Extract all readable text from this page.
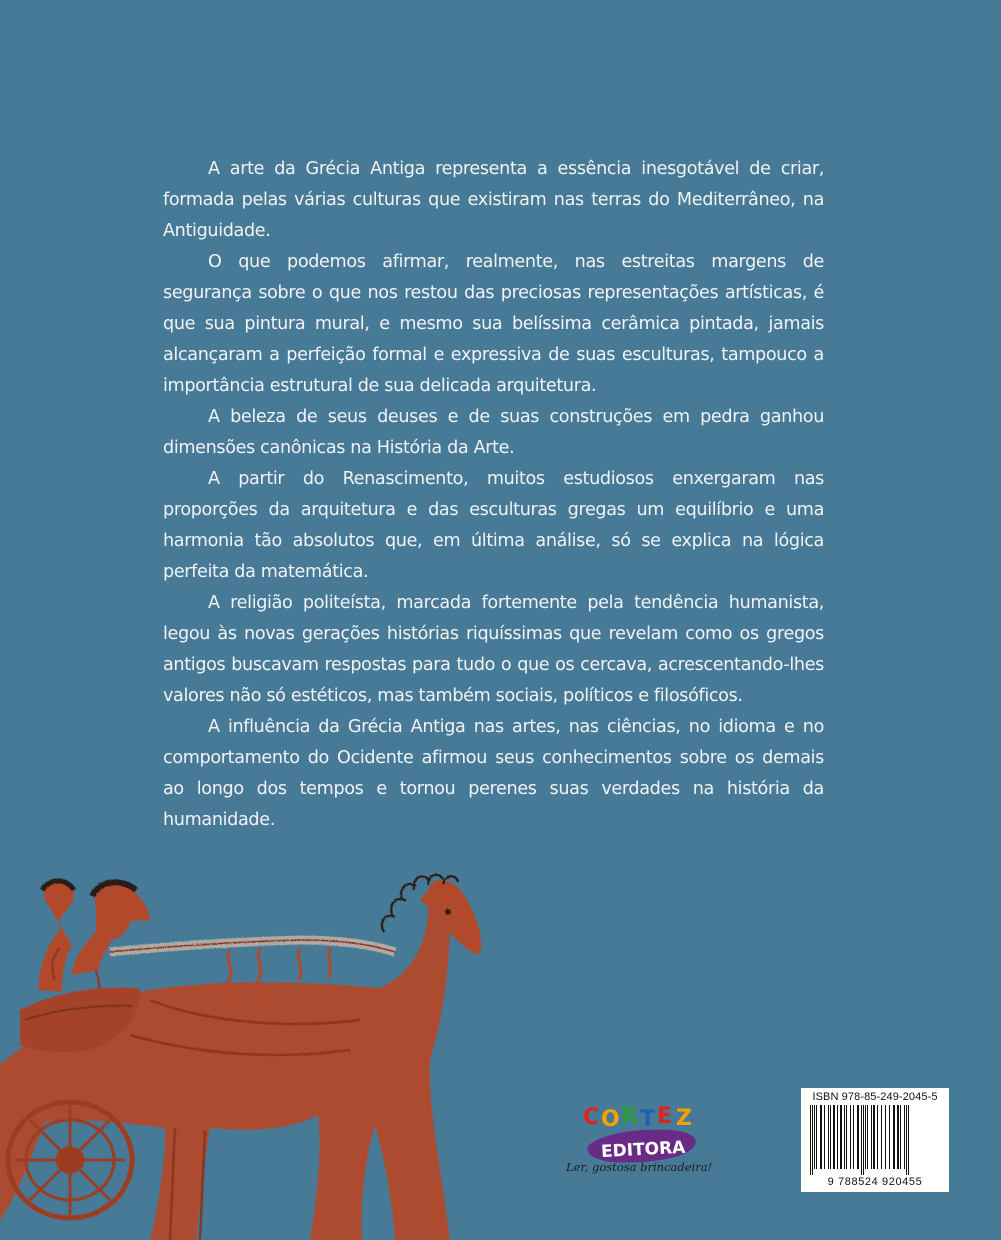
A arte da Grécia Antiga representa a essência inesgotável de criar, formada pelas várias culturas que existiram nas terras do Mediterrâneo, na Antiguidade.

O que podemos afirmar, realmente, nas estreitas margens de segurança sobre o que nos restou das preciosas representações artísticas, é que sua pintura mural, e mesmo sua belíssima cerâmica pintada, jamais alcançaram a perfeição formal e expressiva de suas esculturas, tampouco a importância estrutural de sua delicada arquitetura.

A beleza de seus deuses e de suas construções em pedra ganhou dimensões canônicas na História da Arte.

A partir do Renascimento, muitos estudiosos enxergaram nas proporções da arquitetura e das esculturas gregas um equilíbrio e uma harmonia tão absolutos que, em última análise, só se explica na lógica perfeita da matemática.

A religião politeísta, marcada fortemente pela tendência humanista, legou às novas gerações histórias riquíssimas que revelam como os gregos antigos buscavam respostas para tudo o que os cercava, acrescentando-lhes valores não só estéticos, mas também sociais, políticos e filosóficos.

A influência da Grécia Antiga nas artes, nas ciências, no idioma e no comportamento do Ocidente afirmou seus conhecimentos sobre os demais ao longo dos tempos e tornou perenes suas verdades na história da humanidade.

C O R T E Z
EDITORA
Ler, gostosa brincadeira!
ISBN 978-85-249-2045-5
9 788524 920455
